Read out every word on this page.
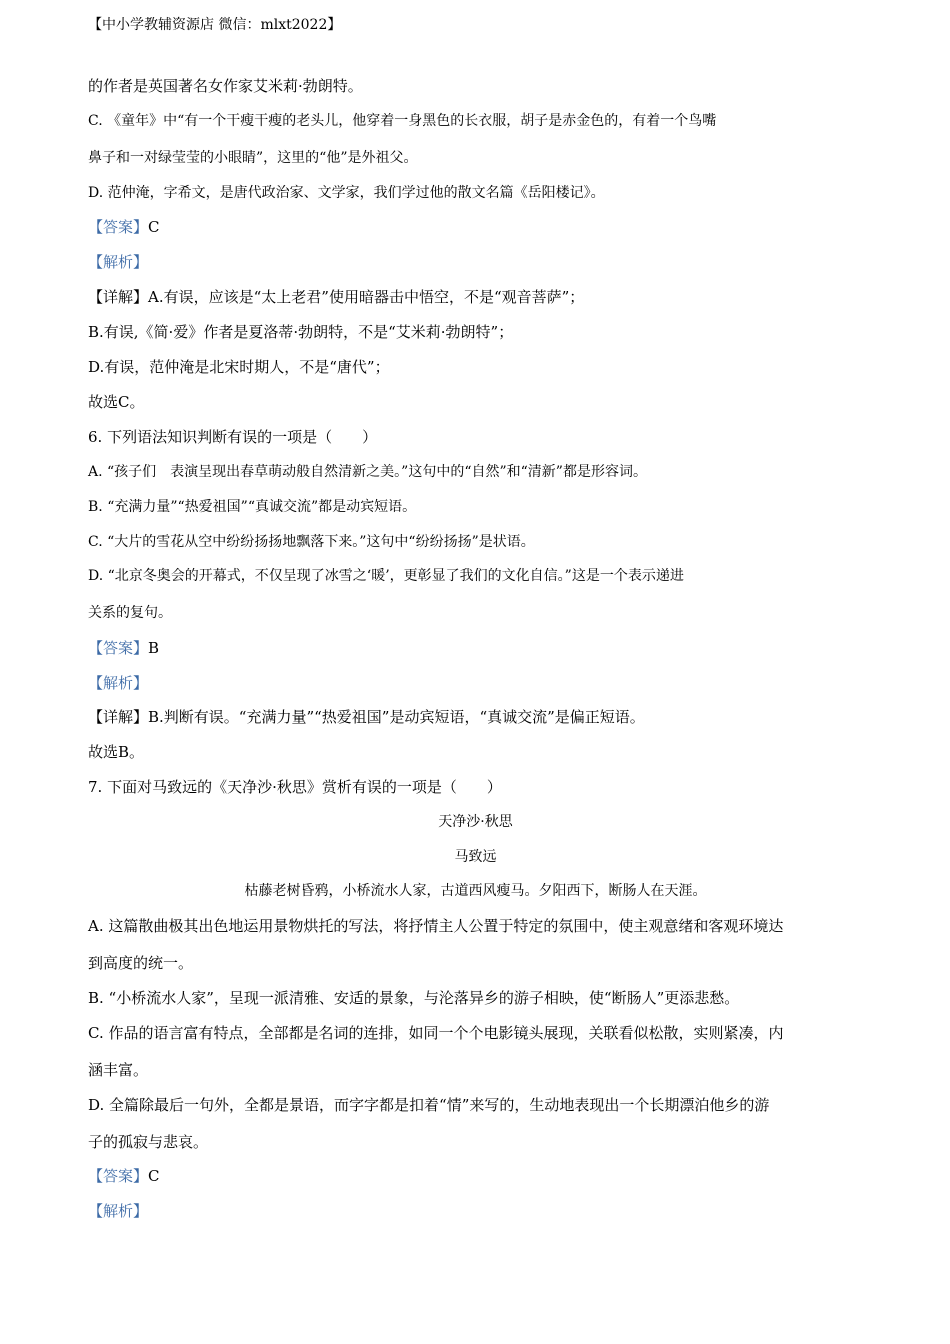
【中小学教辅资源店 微信：mlxt2022】
的作者是英国著名女作家艾米莉·勃朗特。
C. 《童年》中“有一个干瘦干瘦的老头儿，他穿着一身黑色的长衣服，胡子是赤金色的，有着一个鸟嘴
鼻子和一对绿莹莹的小眼睛”，这里的“他”是外祖父。
D. 范仲淹，字希文，是唐代政治家、文学家，我们学过他的散文名篇《岳阳楼记》。
【答案】C
【解析】
【详解】A.有误，应该是“太上老君”使用暗器击中悟空，不是“观音菩萨”；
B.有误,《简·爱》作者是夏洛蒂·勃朗特，不是“艾米莉·勃朗特”；
D.有误，范仲淹是北宋时期人，不是“唐代”；
故选C。
6. 下列语法知识判断有误的一项是（　　）
A. “孩子们　表演呈现出春草萌动般自然清新之美。”这句中的“自然”和“清新”都是形容词。
B. “充满力量”“热爱祖国”“真诚交流”都是动宾短语。
C. “大片的雪花从空中纷纷扬扬地飘落下来。”这句中“纷纷扬扬”是状语。
D. “北京冬奥会的开幕式，不仅呈现了冰雪之‘暖’，更彰显了我们的文化自信。”这是一个表示递进
关系的复句。
【答案】B
【解析】
【详解】B.判断有误。“充满力量”“热爱祖国”是动宾短语，“真诚交流”是偏正短语。
故选B。
7. 下面对马致远的《天净沙·秋思》赏析有误的一项是（　　）
天净沙·秋思
马致远
枯藤老树昏鸦，小桥流水人家，古道西风瘦马。夕阳西下，断肠人在天涯。
A. 这篇散曲极其出色地运用景物烘托的写法，将抒情主人公置于特定的氛围中，使主观意绪和客观环境达
到高度的统一。
B. “小桥流水人家”，呈现一派清雅、安适的景象，与沦落异乡的游子相映，使“断肠人”更添悲愁。
C. 作品的语言富有特点，全部都是名词的连排，如同一个个电影镜头展现，关联看似松散，实则紧凑，内
涵丰富。
D. 全篇除最后一句外，全都是景语，而字字都是扣着“情”来写的，生动地表现出一个长期漂泊他乡的游
子的孤寂与悲哀。
【答案】C
【解析】
